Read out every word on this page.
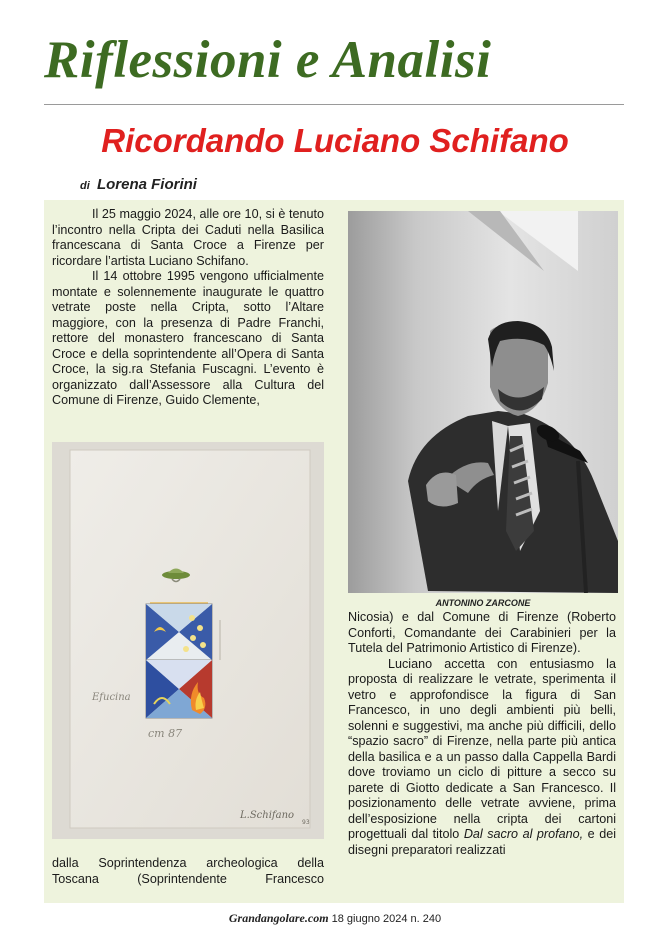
Riflessioni e Analisi
Ricordando Luciano Schifano
di Lorena Fiorini

Il 25 maggio 2024, alle ore 10, si è tenuto l’incontro nella Cripta dei Caduti nella Basilica francescana di Santa Croce a Firenze per ricordare l’artista Luciano Schifano.

Il 14 ottobre 1995 vengono ufficialmente montate e solennemente inaugurate le quattro vetrate poste nella Cripta, sotto l’Altare maggiore, con la presenza di Padre Franchi, rettore del monastero francescano di Santa Croce e della soprintendente all’Opera di Santa Croce, la sig.ra Stefania Fuscagni. L’evento è organizzato dall’Assessore alla Cultura del Comune di Firenze, Guido Clemente,

Efucina
cm 87
L.Schifano
93

dalla Soprintendenza archeologica della

Toscana (Soprintendente Francesco

ANTONINO ZARCONE

Nicosia) e dal Comune di Firenze (Roberto Conforti, Comandante dei Carabinieri per la Tutela del Patrimonio Artistico di Firenze).

Luciano accetta con entusiasmo la proposta di realizzare le vetrate, sperimenta il vetro e approfondisce la figura di San Francesco, in uno degli ambienti più belli, solenni e suggestivi, ma anche più difficili, dello “spazio sacro” di Firenze, nella parte più antica della basilica e a un passo dalla Cappella Bardi dove troviamo un ciclo di pitture a secco su parete di Giotto dedicate a San Francesco. Il posizionamento delle vetrate avviene, prima dell’esposizione nella cripta dei cartoni progettuali dal titolo Dal sacro al profano, e dei disegni preparatori realizzati

Grandangolare.com 18 giugno 2024 n. 240
